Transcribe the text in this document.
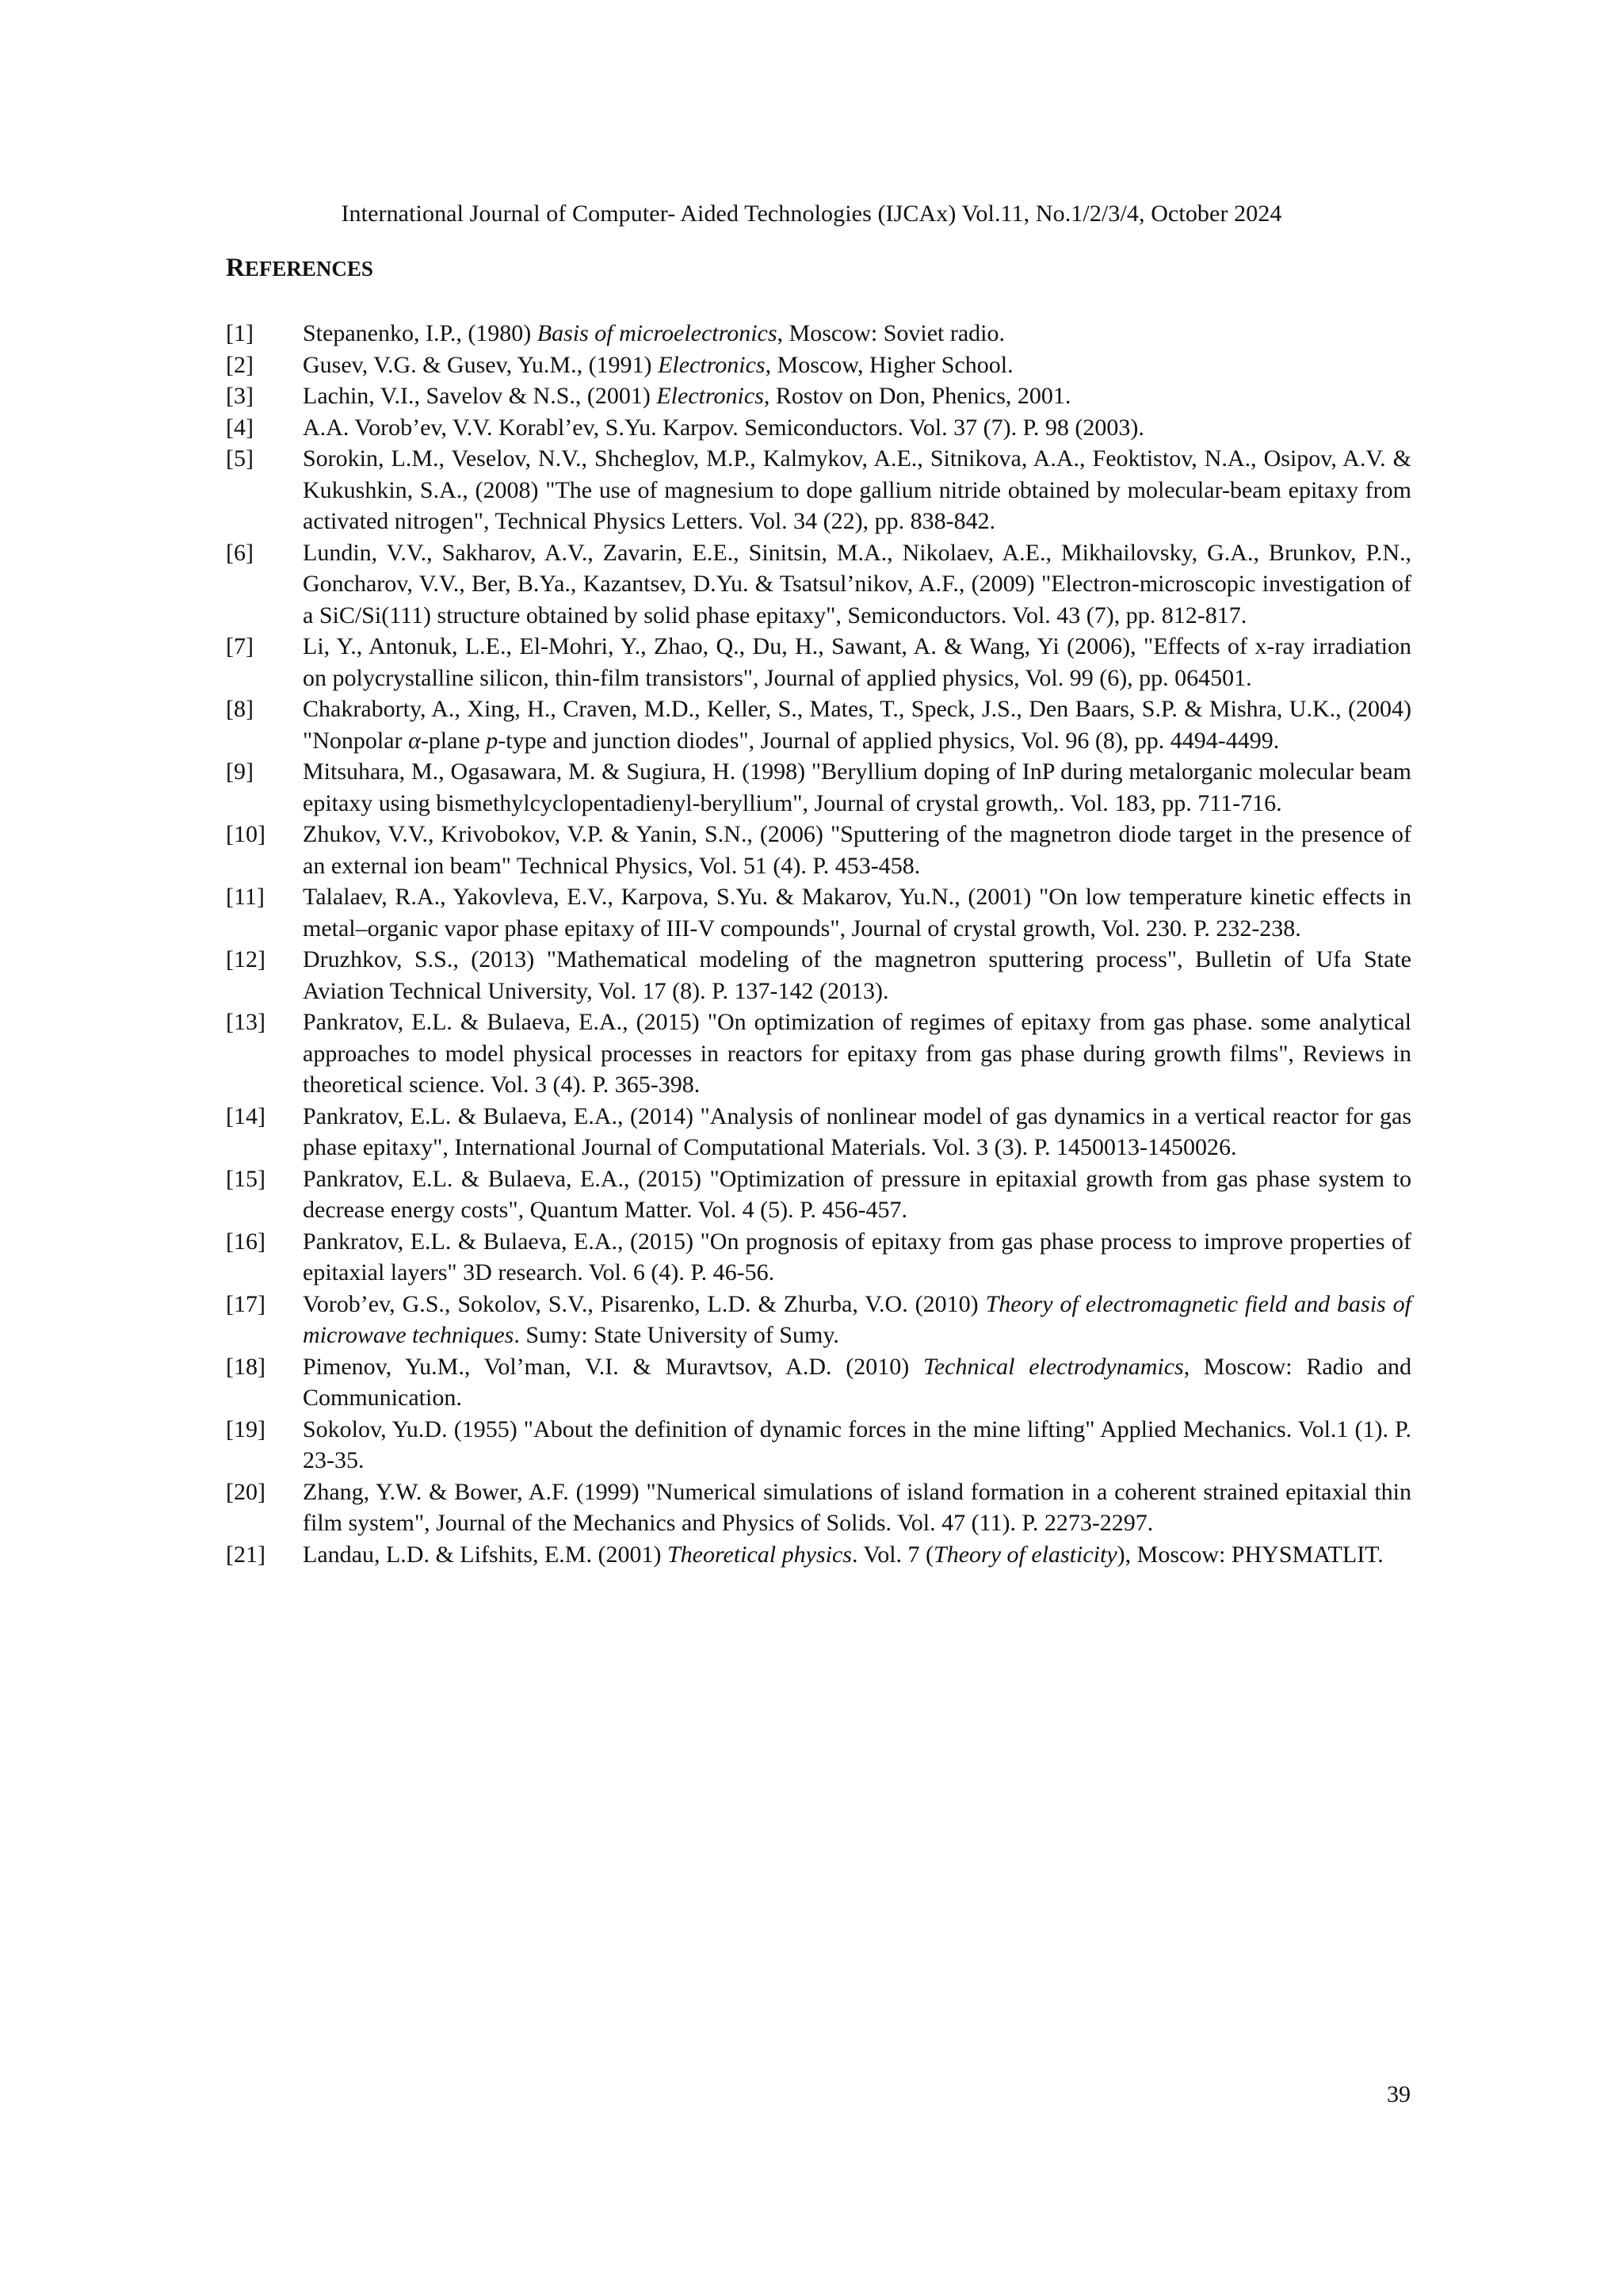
International Journal of Computer- Aided Technologies (IJCAx) Vol.11, No.1/2/3/4, October 2024
REFERENCES
[1]	Stepanenko, I.P., (1980) Basis of microelectronics, Moscow: Soviet radio.
[2]	Gusev, V.G. & Gusev, Yu.M., (1991) Electronics, Moscow, Higher School.
[3]	Lachin, V.I., Savelov & N.S., (2001) Electronics, Rostov on Don, Phenics, 2001.
[4]	A.A. Vorob’ev, V.V. Korabl’ev, S.Yu. Karpov. Semiconductors. Vol. 37 (7). P. 98 (2003).
[5]	Sorokin, L.M., Veselov, N.V., Shcheglov, M.P., Kalmykov, A.E., Sitnikova, A.A., Feoktistov, N.A., Osipov, A.V. & Kukushkin, S.A., (2008) "The use of magnesium to dope gallium nitride obtained by molecular-beam epitaxy from activated nitrogen", Technical Physics Letters. Vol. 34 (22), pp. 838-842.
[6]	Lundin, V.V., Sakharov, A.V., Zavarin, E.E., Sinitsin, M.A., Nikolaev, A.E., Mikhailovsky, G.A., Brunkov, P.N., Goncharov, V.V., Ber, B.Ya., Kazantsev, D.Yu. & Tsatsul’nikov, A.F., (2009) "Electron-microscopic investigation of a SiC/Si(111) structure obtained by solid phase epitaxy", Semiconductors. Vol. 43 (7), pp. 812-817.
[7]	Li, Y., Antonuk, L.E., El-Mohri, Y., Zhao, Q., Du, H., Sawant, A. & Wang, Yi (2006), "Effects of x-ray irradiation on polycrystalline silicon, thin-film transistors", Journal of applied physics, Vol. 99 (6), pp. 064501.
[8]	Chakraborty, A., Xing, H., Craven, M.D., Keller, S., Mates, T., Speck, J.S., Den Baars, S.P. & Mishra, U.K., (2004) "Nonpolar α-plane p-type and junction diodes", Journal of applied physics, Vol. 96 (8), pp. 4494-4499.
[9]	Mitsuhara, M., Ogasawara, M. & Sugiura, H. (1998) "Beryllium doping of InP during metalorganic molecular beam epitaxy using bismethylcyclopentadienyl-beryllium", Journal of crystal growth,. Vol. 183, pp. 711-716.
[10]	Zhukov, V.V., Krivobokov, V.P. & Yanin, S.N., (2006) "Sputtering of the magnetron diode target in the presence of an external ion beam" Technical Physics, Vol. 51 (4). P. 453-458.
[11]	Talalaev, R.A., Yakovleva, E.V., Karpova, S.Yu. & Makarov, Yu.N., (2001) "On low temperature kinetic effects in metal–organic vapor phase epitaxy of III-V compounds", Journal of crystal growth, Vol. 230. P. 232-238.
[12]	Druzhkov, S.S., (2013) "Mathematical modeling of the magnetron sputtering process", Bulletin of Ufa State Aviation Technical University, Vol. 17 (8). P. 137-142 (2013).
[13]	Pankratov, E.L. & Bulaeva, E.A., (2015) "On optimization of regimes of epitaxy from gas phase. some analytical approaches to model physical processes in reactors for epitaxy from gas phase during growth films", Reviews in theoretical science. Vol. 3 (4). P. 365-398.
[14]	Pankratov, E.L. & Bulaeva, E.A., (2014) "Analysis of nonlinear model of gas dynamics in a vertical reactor for gas phase epitaxy", International Journal of Computational Materials. Vol. 3 (3). P. 1450013-1450026.
[15]	Pankratov, E.L. & Bulaeva, E.A., (2015) "Optimization of pressure in epitaxial growth from gas phase system to decrease energy costs", Quantum Matter. Vol. 4 (5). P. 456-457.
[16]	Pankratov, E.L. & Bulaeva, E.A., (2015) "On prognosis of epitaxy from gas phase process to improve properties of epitaxial layers" 3D research. Vol. 6 (4). P. 46-56.
[17]	Vorob’ev, G.S., Sokolov, S.V., Pisarenko, L.D. & Zhurba, V.O. (2010) Theory of electromagnetic field and basis of microwave techniques. Sumy: State University of Sumy.
[18]	Pimenov, Yu.M., Vol’man, V.I. & Muravtsov, A.D. (2010) Technical electrodynamics, Moscow: Radio and Communication.
[19]	Sokolov, Yu.D. (1955) "About the definition of dynamic forces in the mine lifting" Applied Mechanics. Vol.1 (1). P. 23-35.
[20]	Zhang, Y.W. & Bower, A.F. (1999) "Numerical simulations of island formation in a coherent strained epitaxial thin film system", Journal of the Mechanics and Physics of Solids. Vol. 47 (11). P. 2273-2297.
[21]	Landau, L.D. & Lifshits, E.M. (2001) Theoretical physics. Vol. 7 (Theory of elasticity), Moscow: PHYSMATLIT.
39
